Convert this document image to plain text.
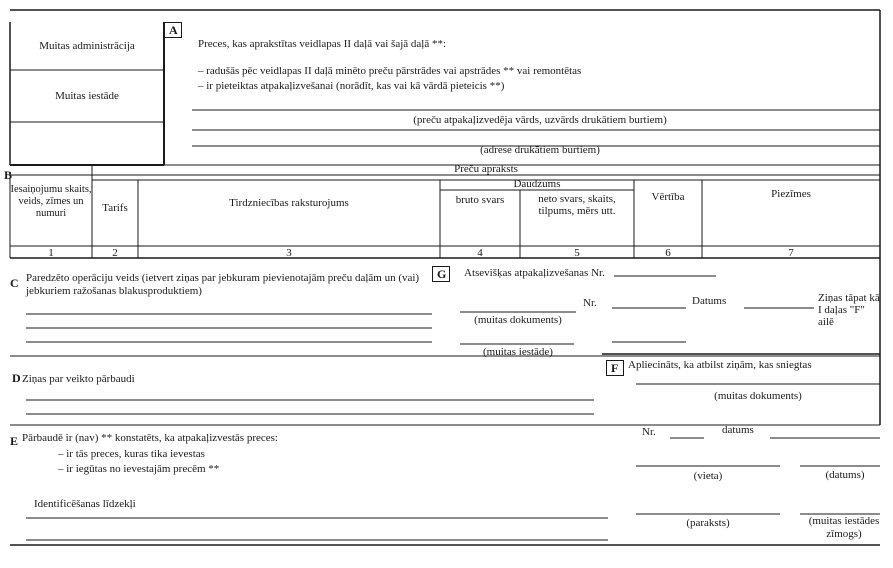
A
B
C
G
D
F
E
Muitas administrācija
Muitas iestāde
Preces, kas aprakstītas veidlapas II daļā vai šajā daļā **:
– radušās pēc veidlapas II daļā minēto preču pārstrādes vai apstrādes ** vai remontētas
– ir pieteiktas atpakaļizvešanai (norādīt, kas vai kā vārdā pieteicis **)
(preču atpakaļizvedēja vārds, uzvārds drukātiem burtiem)
(adrese drukātiem burtiem)
Preču apraksts
Iesaiņojumu skaits, veids, zīmes un numuri	Tarifs	Tirdzniecības raksturojums
Daudzums
bruto svars	neto svars, skaits, tilpums, mērs utt.
Vērtība	Piezīmes
1	2	3	4	5	6	7
Paredzēto operāciju veids (ietvert ziņas par jebkuram pievienotajām preču daļām un (vai) jebkuriem ražošanas blakusproduktiem)
Atsevišķas atpakaļizvešanas Nr.
Nr.	Datums
(muitas dokuments)
(muitas iestāde)
Ziņas tāpat kā I daļas "F" ailē
Ziņas par veikto pārbaudi
Apliecināts, ka atbilst ziņām, kas sniegtas
(muitas dokuments)
Nr.	datums
(vieta)	(datums)
(paraksts)	(muitas iestādes zīmogs)
Pārbaudē ir (nav) ** konstatēts, ka atpakaļizvestās preces:
– ir tās preces, kuras tika ievestas
– ir iegūtas no ievestajām precēm **
Identificēšanas līdzekļi
